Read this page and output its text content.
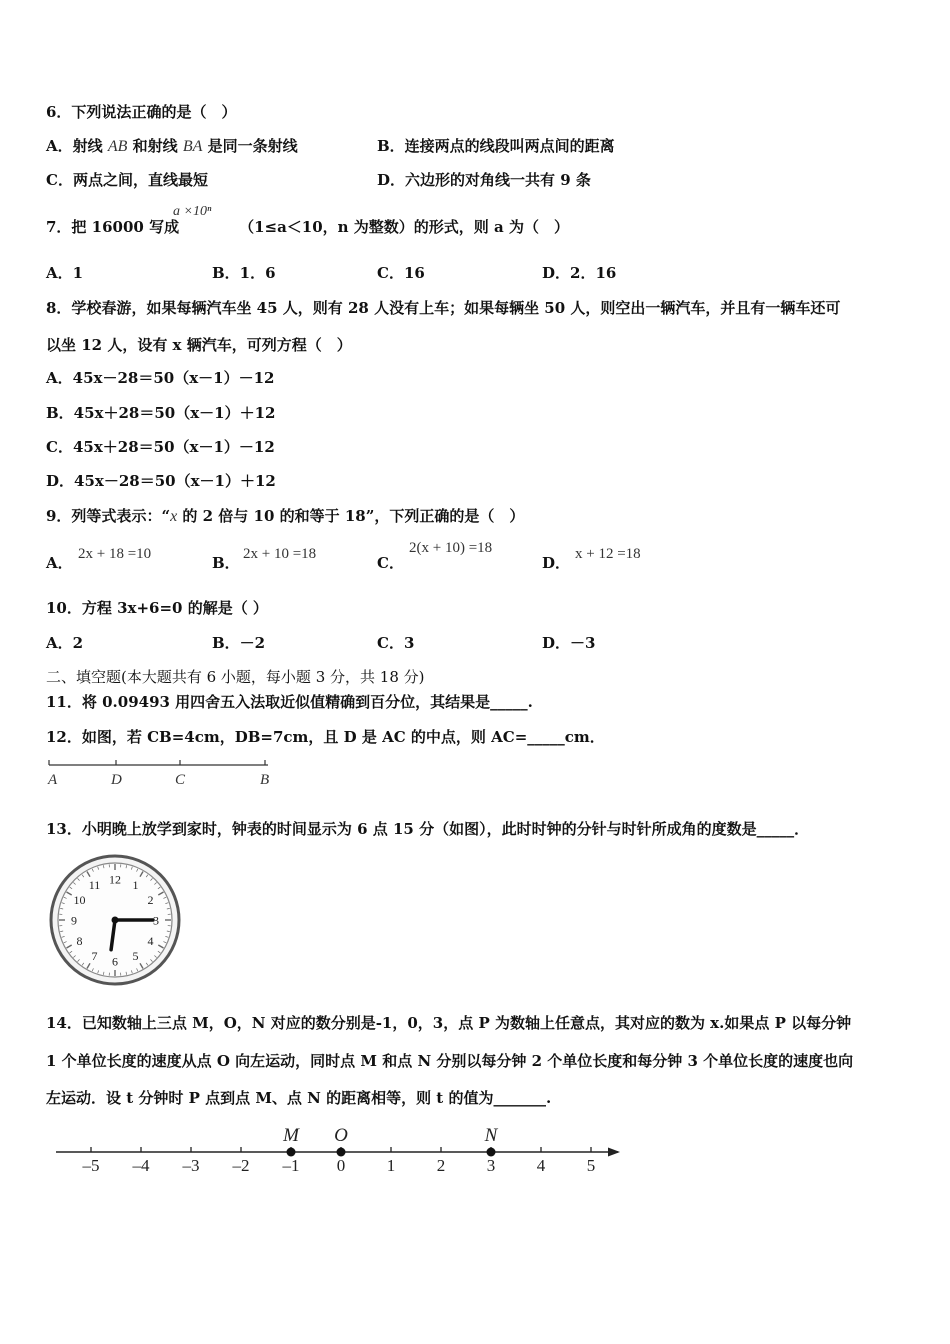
6．下列说法正确的是（　）
A．射线 AB 和射线 BA 是同一条射线	B．连接两点的线段叫两点间的距离
C．两点之间，直线最短	D．六边形的对角线一共有 9 条
7．把 16000 写成	（1≤a＜10，n 为整数）的形式，则 a 为（　）
a ×10ⁿ
A．1	B．1．6	C．16	D．2．16
8．学校春游，如果每辆汽车坐 45 人，则有 28 人没有上车；如果每辆坐 50 人，则空出一辆汽车，并且有一辆车还可
以坐 12 人，设有 x 辆汽车，可列方程（　）
A．45x－28＝50（x－1）－12
B．45x＋28＝50（x－1）＋12
C．45x＋28＝50（x－1）－12
D．45x－28＝50（x－1）＋12
9．列等式表示：“x 的 2 倍与 10 的和等于 18”，下列正确的是（　）
A． 2x + 18 =10	B． 2x + 10 =18	C．
2(x + 10) =18
D． x + 12 =18
10．方程 3x+6=0 的解是（ ）
A．2	B．－2	C．3	D．－3
二、填空题(本大题共有 6 小题，每小题 3 分，共 18 分)
11．将 0.09493 用四舍五入法取近似值精确到百分位，其结果是_____.
12．如图，若 CB=4cm，DB=7cm，且 D 是 AC 的中点，则 AC=_____cm．
A	D	C	B
13．小明晚上放学到家时，钟表的时间显示为 6 点 15 分（如图），此时时钟的分针与时针所成角的度数是_____．
12 1
2
3
4
5
6
7
8
9
10
11
14．已知数轴上三点 M，O，N 对应的数分别是-1，0，3，点 P 为数轴上任意点，其对应的数为 x.如果点 P 以每分钟
1 个单位长度的速度从点 O 向左运动，同时点 M 和点 N 分别以每分钟 2 个单位长度和每分钟 3 个单位长度的速度也向
左运动．设 t 分钟时 P 点到点 M、点 N 的距离相等，则 t 的值为_______.
–5 –4 –3 –2 –1 0 1 2 3 4 5
M O	N
